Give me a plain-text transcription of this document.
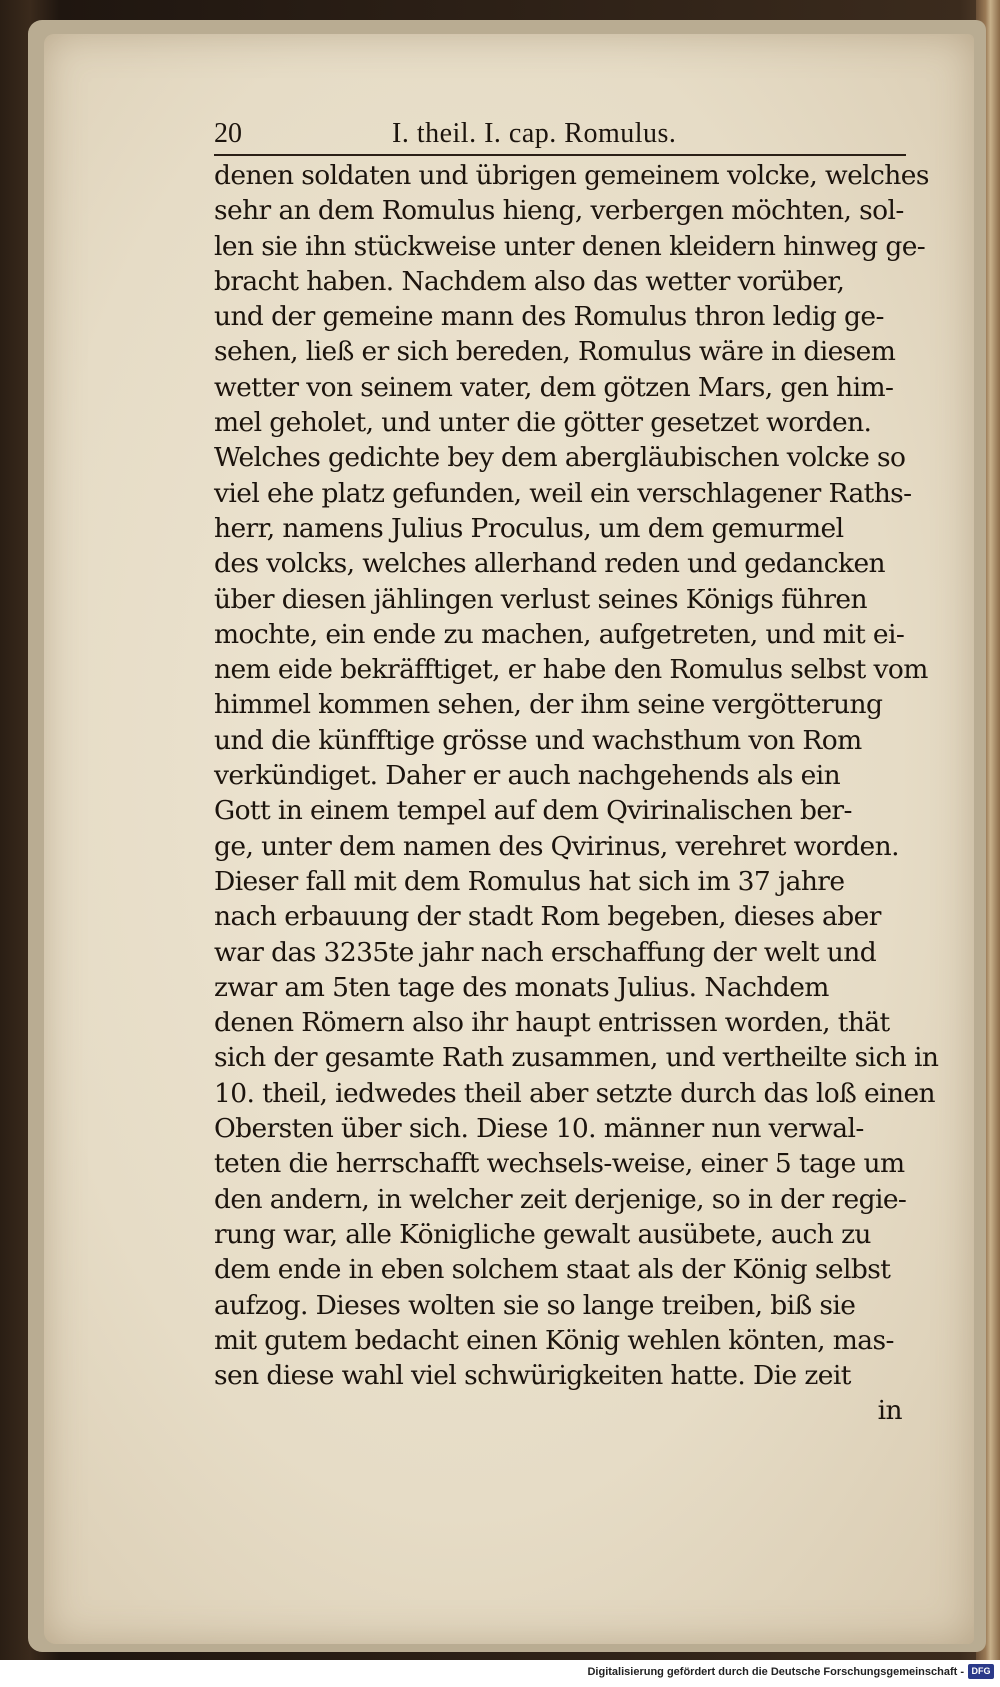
20	I. theil. I. cap. Romulus.
denen soldaten und übrigen gemeinem volcke, welches
sehr an dem Romulus hieng, verbergen möchten, sol-
len sie ihn stückweise unter denen kleidern hinweg ge-
bracht haben. Nachdem also das wetter vorüber,
und der gemeine mann des Romulus thron ledig ge-
sehen, ließ er sich bereden, Romulus wäre in diesem
wetter von seinem vater, dem götzen Mars, gen him-
mel geholet, und unter die götter gesetzet worden.
Welches gedichte bey dem abergläubischen volcke so
viel ehe platz gefunden, weil ein verschlagener Raths-
herr, namens Julius Proculus, um dem gemurmel
des volcks, welches allerhand reden und gedancken
über diesen jählingen verlust seines Königs führen
mochte, ein ende zu machen, aufgetreten, und mit ei-
nem eide bekräfftiget, er habe den Romulus selbst vom
himmel kommen sehen, der ihm seine vergötterung
und die künfftige grösse und wachsthum von Rom
verkündiget. Daher er auch nachgehends als ein
Gott in einem tempel auf dem Qvirinalischen ber-
ge, unter dem namen des Qvirinus, verehret worden.
Dieser fall mit dem Romulus hat sich im 37 jahre
nach erbauung der stadt Rom begeben, dieses aber
war das 3235te jahr nach erschaffung der welt und
zwar am 5ten tage des monats Julius. Nachdem
denen Römern also ihr haupt entrissen worden, thät
sich der gesamte Rath zusammen, und vertheilte sich in
10. theil, iedwedes theil aber setzte durch das loß einen
Obersten über sich. Diese 10. männer nun verwal-
teten die herrschafft wechsels-weise, einer 5 tage um
den andern, in welcher zeit derjenige, so in der regie-
rung war, alle Königliche gewalt ausübete, auch zu
dem ende in eben solchem staat als der König selbst
aufzog. Dieses wolten sie so lange treiben, biß sie
mit gutem bedacht einen König wehlen könten, mas-
sen diese wahl viel schwürigkeiten hatte. Die zeit
in
Digitalisierung gefördert durch die Deutsche Forschungsgemeinschaft - DFG
